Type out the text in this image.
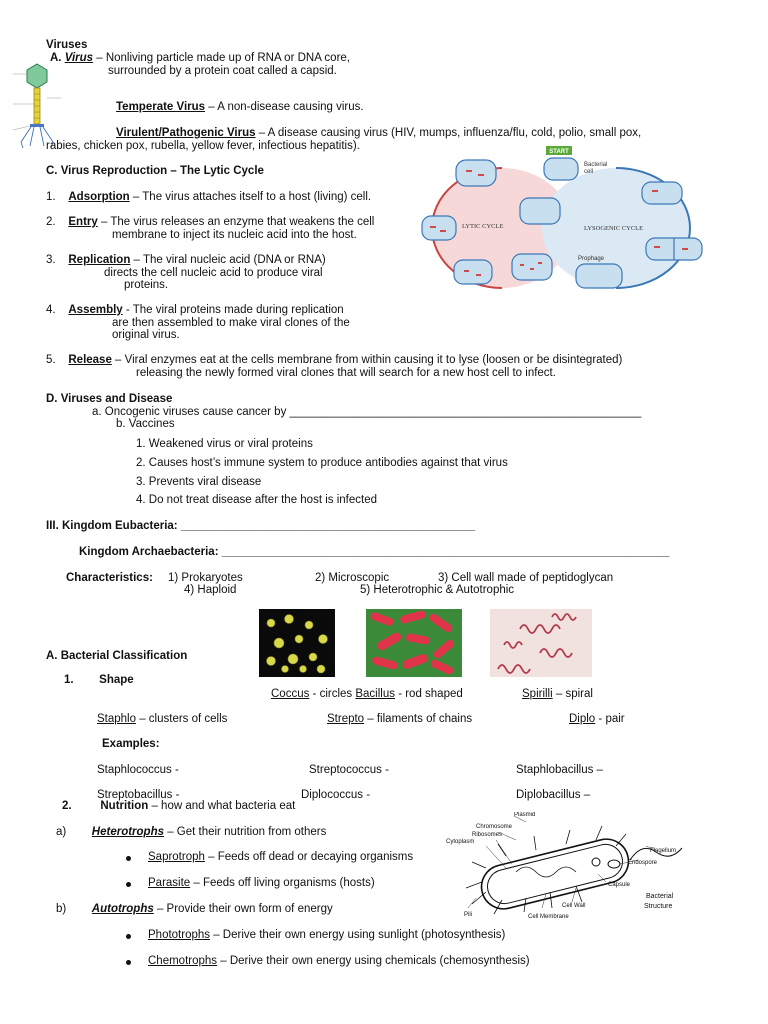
Viruses
A. Virus – Nonliving particle made up of RNA or DNA core,
surrounded by a protein coat called a capsid.
Temperate Virus – A non-disease causing virus.
Virulent/Pathogenic Virus – A disease causing virus (HIV, mumps, influenza/flu, cold, polio, small pox,
rabies, chicken pox, rubella, yellow fever, infectious hepatitis).
C. Virus Reproduction – The Lytic Cycle
1. Adsorption – The virus attaches itself to a host (living) cell.
2. Entry – The virus releases an enzyme that weakens the cell
membrane to inject its nucleic acid into the host.
3. Replication – The viral nucleic acid (DNA or RNA)
directs the cell nucleic acid to produce viral
proteins.
4. Assembly - The viral proteins made during replication
are then assembled to make viral clones of the
original virus.
5. Release – Viral enzymes eat at the cells membrane from within causing it to lyse (loosen or be disintegrated)
releasing the newly formed viral clones that will search for a new host cell to infect.
START
Bacterial
cell
LYTIC CYCLE	LYSOGENIC CYCLE
Prophage
D. Viruses and Disease
a. Oncogenic viruses cause cancer by _______________________________________________________
b. Vaccines
1. Weakened virus or viral proteins
2. Causes host’s immune system to produce antibodies against that virus
3. Prevents viral disease
4. Do not treat disease after the host is infected
III. Kingdom Eubacteria: ______________________________________________
Kingdom Archaebacteria: ______________________________________________________________________
Characteristics: 1) Prokaryotes	2) Microscopic	3) Cell wall made of peptidoglycan
4) Haploid	5) Heterotrophic & Autotrophic
A. Bacterial Classification
1. Shape
Coccus - circles Bacillus - rod shaped	Spirilli – spiral
Staphlo – clusters of cells	Strepto – filaments of chains	Diplo - pair
Examples:
Staphlococcus -	Streptococcus -	Staphlobacillus –
Streptobacillus -	Diplococcus -	Diplobacillus –
2.	Nutrition – how and what bacteria eat
a) Heterotrophs – Get their nutrition from others
Saprotroph – Feeds off dead or decaying organisms
Parasite – Feeds off living organisms (hosts)
b) Autotrophs – Provide their own form of energy
Phototrophs – Derive their own energy using sunlight (photosynthesis)
Chemotrophs – Derive their own energy using chemicals (chemosynthesis)
Plasmid
Chromosome
Ribosomes
Cytoplasm
Flagellum
Endospore
Capsule
Cell Wall
Cell Membrane
Pili
Bacterial
Structure
